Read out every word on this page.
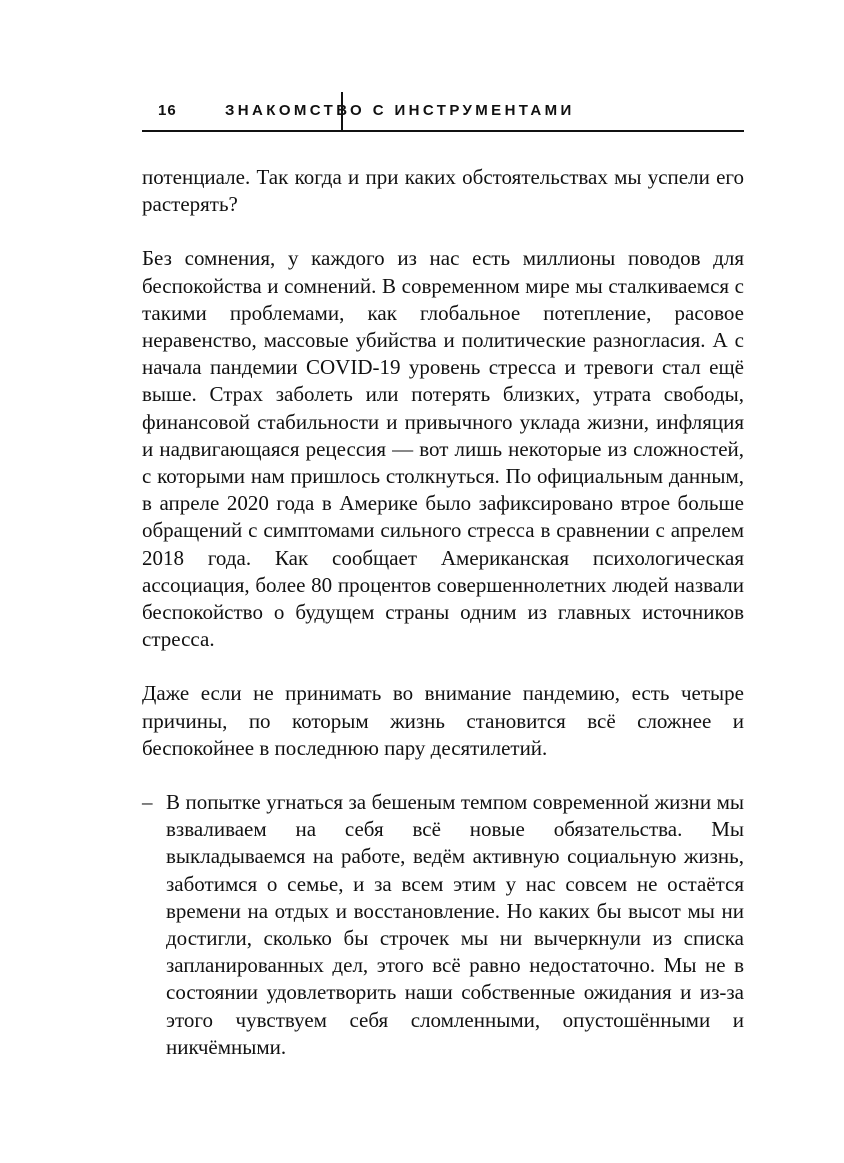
16	ЗНАКОМСТВО С ИНСТРУМЕНТАМИ

потенциале. Так когда и при каких обстоятельствах мы успели его растерять?

Без сомнения, у каждого из нас есть миллионы поводов для беспокойства и сомнений. В современном мире мы сталкиваемся с такими проблемами, как глобальное потепление, расовое неравенство, массовые убийства и политические разногласия. А с начала пандемии COVID-19 уровень стресса и тревоги стал ещё выше. Страх заболеть или потерять близких, утрата свободы, финансовой стабильности и привычного уклада жизни, инфляция и надвигающаяся рецессия — вот лишь некоторые из сложностей, с которыми нам пришлось столкнуться. По официальным данным, в апреле 2020 года в Америке было зафиксировано втрое больше обращений с симптомами сильного стресса в сравнении с апрелем 2018 года. Как сообщает Американская психологическая ассоциация, более 80 процентов совершеннолетних людей назвали беспокойство о будущем страны одним из главных источников стресса.

Даже если не принимать во внимание пандемию, есть четыре причины, по которым жизнь становится всё сложнее и беспокойнее в последнюю пару десятилетий.

– В попытке угнаться за бешеным темпом современной жизни мы взваливаем на себя всё новые обязательства. Мы выкладываемся на работе, ведём активную социальную жизнь, заботимся о семье, и за всем этим у нас совсем не остаётся времени на отдых и восстановление. Но каких бы высот мы ни достигли, сколько бы строчек мы ни вычеркнули из списка запланированных дел, этого всё равно недостаточно. Мы не в состоянии удовлетворить наши собственные ожидания и из-за этого чувствуем себя сломленными, опустошёнными и никчёмными.
